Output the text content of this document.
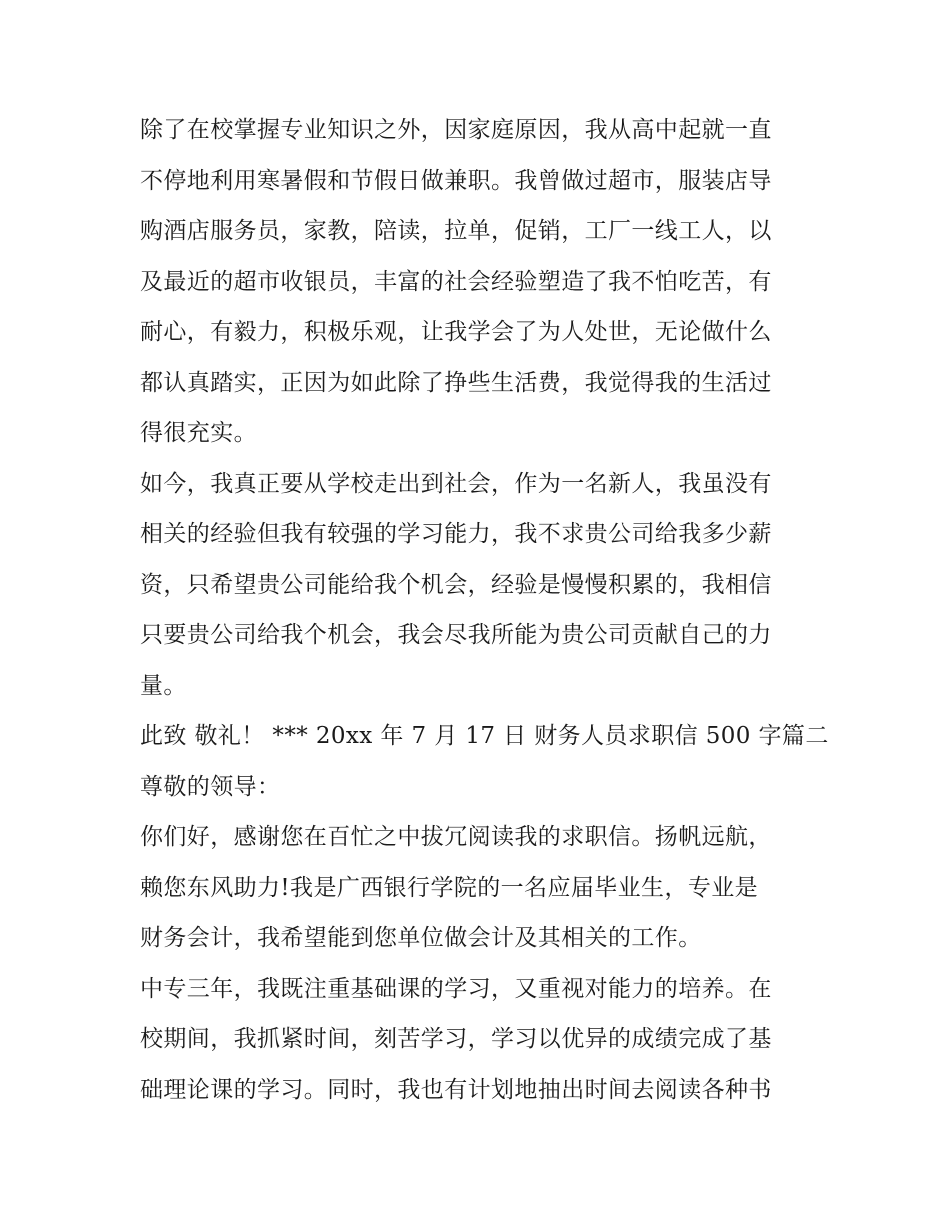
除了在校掌握专业知识之外，因家庭原因，我从高中起就一直
不停地利用寒暑假和节假日做兼职。我曾做过超市，服装店导
购酒店服务员，家教，陪读，拉单，促销，工厂一线工人，以
及最近的超市收银员，丰富的社会经验塑造了我不怕吃苦，有
耐心，有毅力，积极乐观，让我学会了为人处世，无论做什么
都认真踏实，正因为如此除了挣些生活费，我觉得我的生活过
得很充实。
如今，我真正要从学校走出到社会，作为一名新人，我虽没有
相关的经验但我有较强的学习能力，我不求贵公司给我多少薪
资，只希望贵公司能给我个机会，经验是慢慢积累的，我相信
只要贵公司给我个机会，我会尽我所能为贵公司贡献自己的力
量。
此致 敬礼！ *** 20xx 年 7 月 17 日 财务人员求职信 500 字篇二
尊敬的领导：
你们好，感谢您在百忙之中拔冗阅读我的求职信。扬帆远航，
赖您东风助力!我是广西银行学院的一名应届毕业生，专业是
财务会计，我希望能到您单位做会计及其相关的工作。
中专三年，我既注重基础课的学习，又重视对能力的培养。在
校期间，我抓紧时间，刻苦学习，学习以优异的成绩完成了基
础理论课的学习。同时，我也有计划地抽出时间去阅读各种书
